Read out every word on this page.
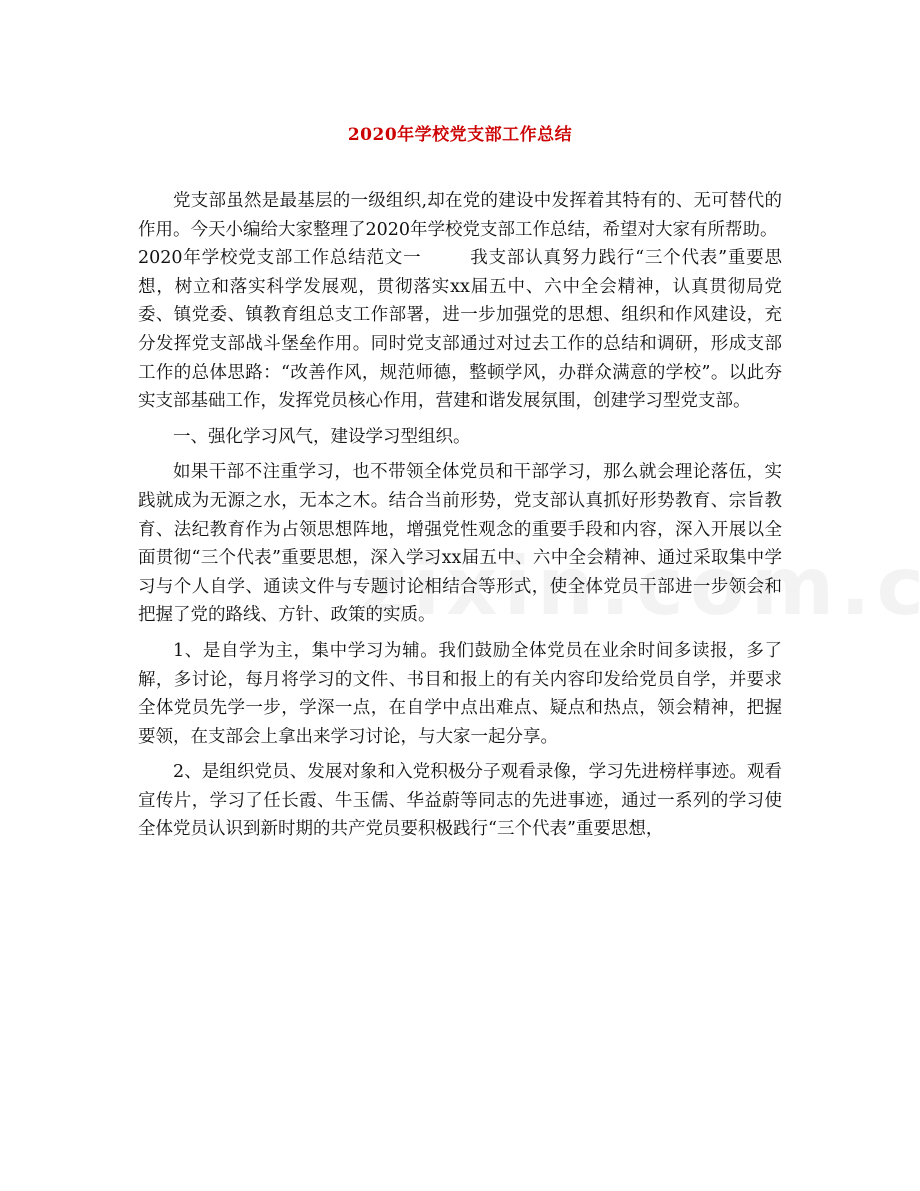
2020年学校党支部工作总结

党支部虽然是最基层的一级组织,却在党的建设中发挥着其特有的、无可替代的作用。今天小编给大家整理了2020年学校党支部工作总结，希望对大家有所帮助。

2020年学校党支部工作总结范文一	我支部认真努力践行“三个代表”重要思想，树立和落实科学发展观，贯彻落实xx届五中、六中全会精神，认真贯彻局党委、镇党委、镇教育组总支工作部署，进一步加强党的思想、组织和作风建设，充分发挥党支部战斗堡垒作用。同时党支部通过对过去工作的总结和调研，形成支部工作的总体思路：“改善作风，规范师德，整顿学风，办群众满意的学校”。以此夯实支部基础工作，发挥党员核心作用，营建和谐发展氛围，创建学习型党支部。

一、强化学习风气，建设学习型组织。

如果干部不注重学习，也不带领全体党员和干部学习，那么就会理论落伍，实践就成为无源之水，无本之木。结合当前形势，党支部认真抓好形势教育、宗旨教育、法纪教育作为占领思想阵地，增强党性观念的重要手段和内容，深入开展以全面贯彻“三个代表”重要思想，深入学习xx届五中、六中全会精神、通过采取集中学习与个人自学、通读文件与专题讨论相结合等形式，使全体党员干部进一步领会和把握了党的路线、方针、政策的实质。

1、是自学为主，集中学习为辅。我们鼓励全体党员在业余时间多读报，多了解，多讨论，每月将学习的文件、书目和报上的有关内容印发给党员自学，并要求全体党员先学一步，学深一点，在自学中点出难点、疑点和热点，领会精神，把握要领，在支部会上拿出来学习讨论，与大家一起分享。

2、是组织党员、发展对象和入党积极分子观看录像，学习先进榜样事迹。观看宣传片，学习了任长霞、牛玉儒、华益蔚等同志的先进事迹，通过一系列的学习使全体党员认识到新时期的共产党员要积极践行“三个代表”重要思想，
